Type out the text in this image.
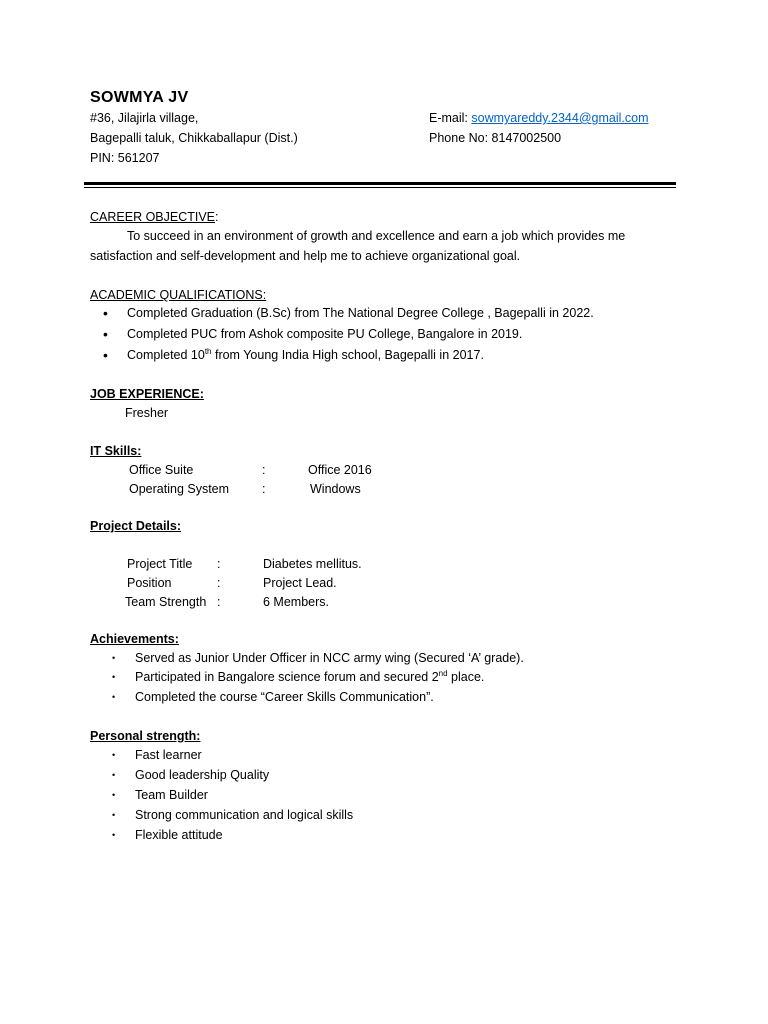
SOWMYA JV
#36, Jilajirla village,
Bagepalli taluk, Chikkaballapur (Dist.)
PIN: 561207
E-mail: sowmyareddy.2344@gmail.com
Phone No: 8147002500
CAREER OBJECTIVE:
To succeed in an environment of growth and excellence and earn a job which provides me
satisfaction and self-development and help me to achieve organizational goal.
ACADEMIC QUALIFICATIONS:
• Completed Graduation (B.Sc) from The National Degree College , Bagepalli in 2022.
• Completed PUC from Ashok composite PU College, Bangalore in 2019.
• Completed 10th from Young India High school, Bagepalli in 2017.
JOB EXPERIENCE:
Fresher
IT Skills:
Office Suite	:	Office 2016
Operating System	:	Windows
Project Details:
Project Title :	Diabetes mellitus.
Position	:	Project Lead.
Team Strength :	6 Members.
Achievements:
• Served as Junior Under Officer in NCC army wing (Secured ‘A’ grade).
• Participated in Bangalore science forum and secured 2nd place.
• Completed the course “Career Skills Communication”.
Personal strength:
• Fast learner
• Good leadership Quality
• Team Builder
• Strong communication and logical skills
• Flexible attitude
